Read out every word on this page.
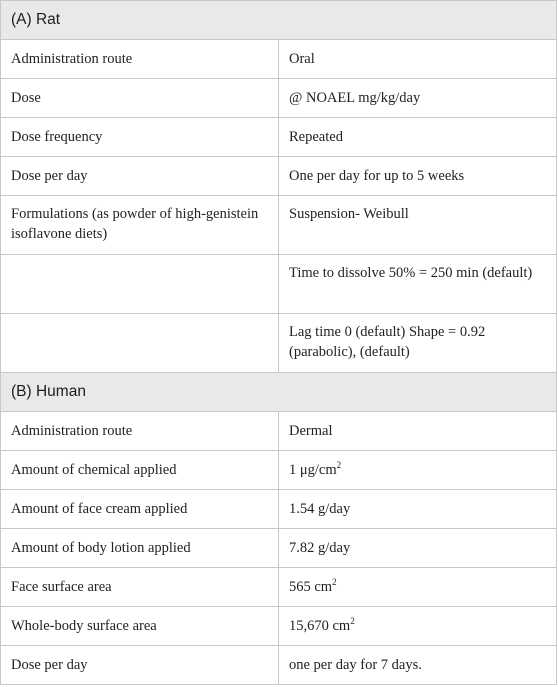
(A) Rat	
Administration route	Oral
Dose	@ NOAEL mg/kg/day
Dose frequency	Repeated
Dose per day	One per day for up to 5 weeks
Formulations (as powder of high-genistein isoflavone diets)	Suspension- Weibull
	Time to dissolve 50% = 250 min (default)
	Lag time 0 (default) Shape = 0.92 (parabolic), (default)
(B) Human	
Administration route	Dermal
Amount of chemical applied	1 $\mu g/cm^2$
Amount of face cream applied	1.54 g/day
Amount of body lotion applied	7.82 g/day
Face surface area	565 $cm^2$
Whole-body surface area	15,670 $cm^2$
Dose per day	one per day for 7 days.
